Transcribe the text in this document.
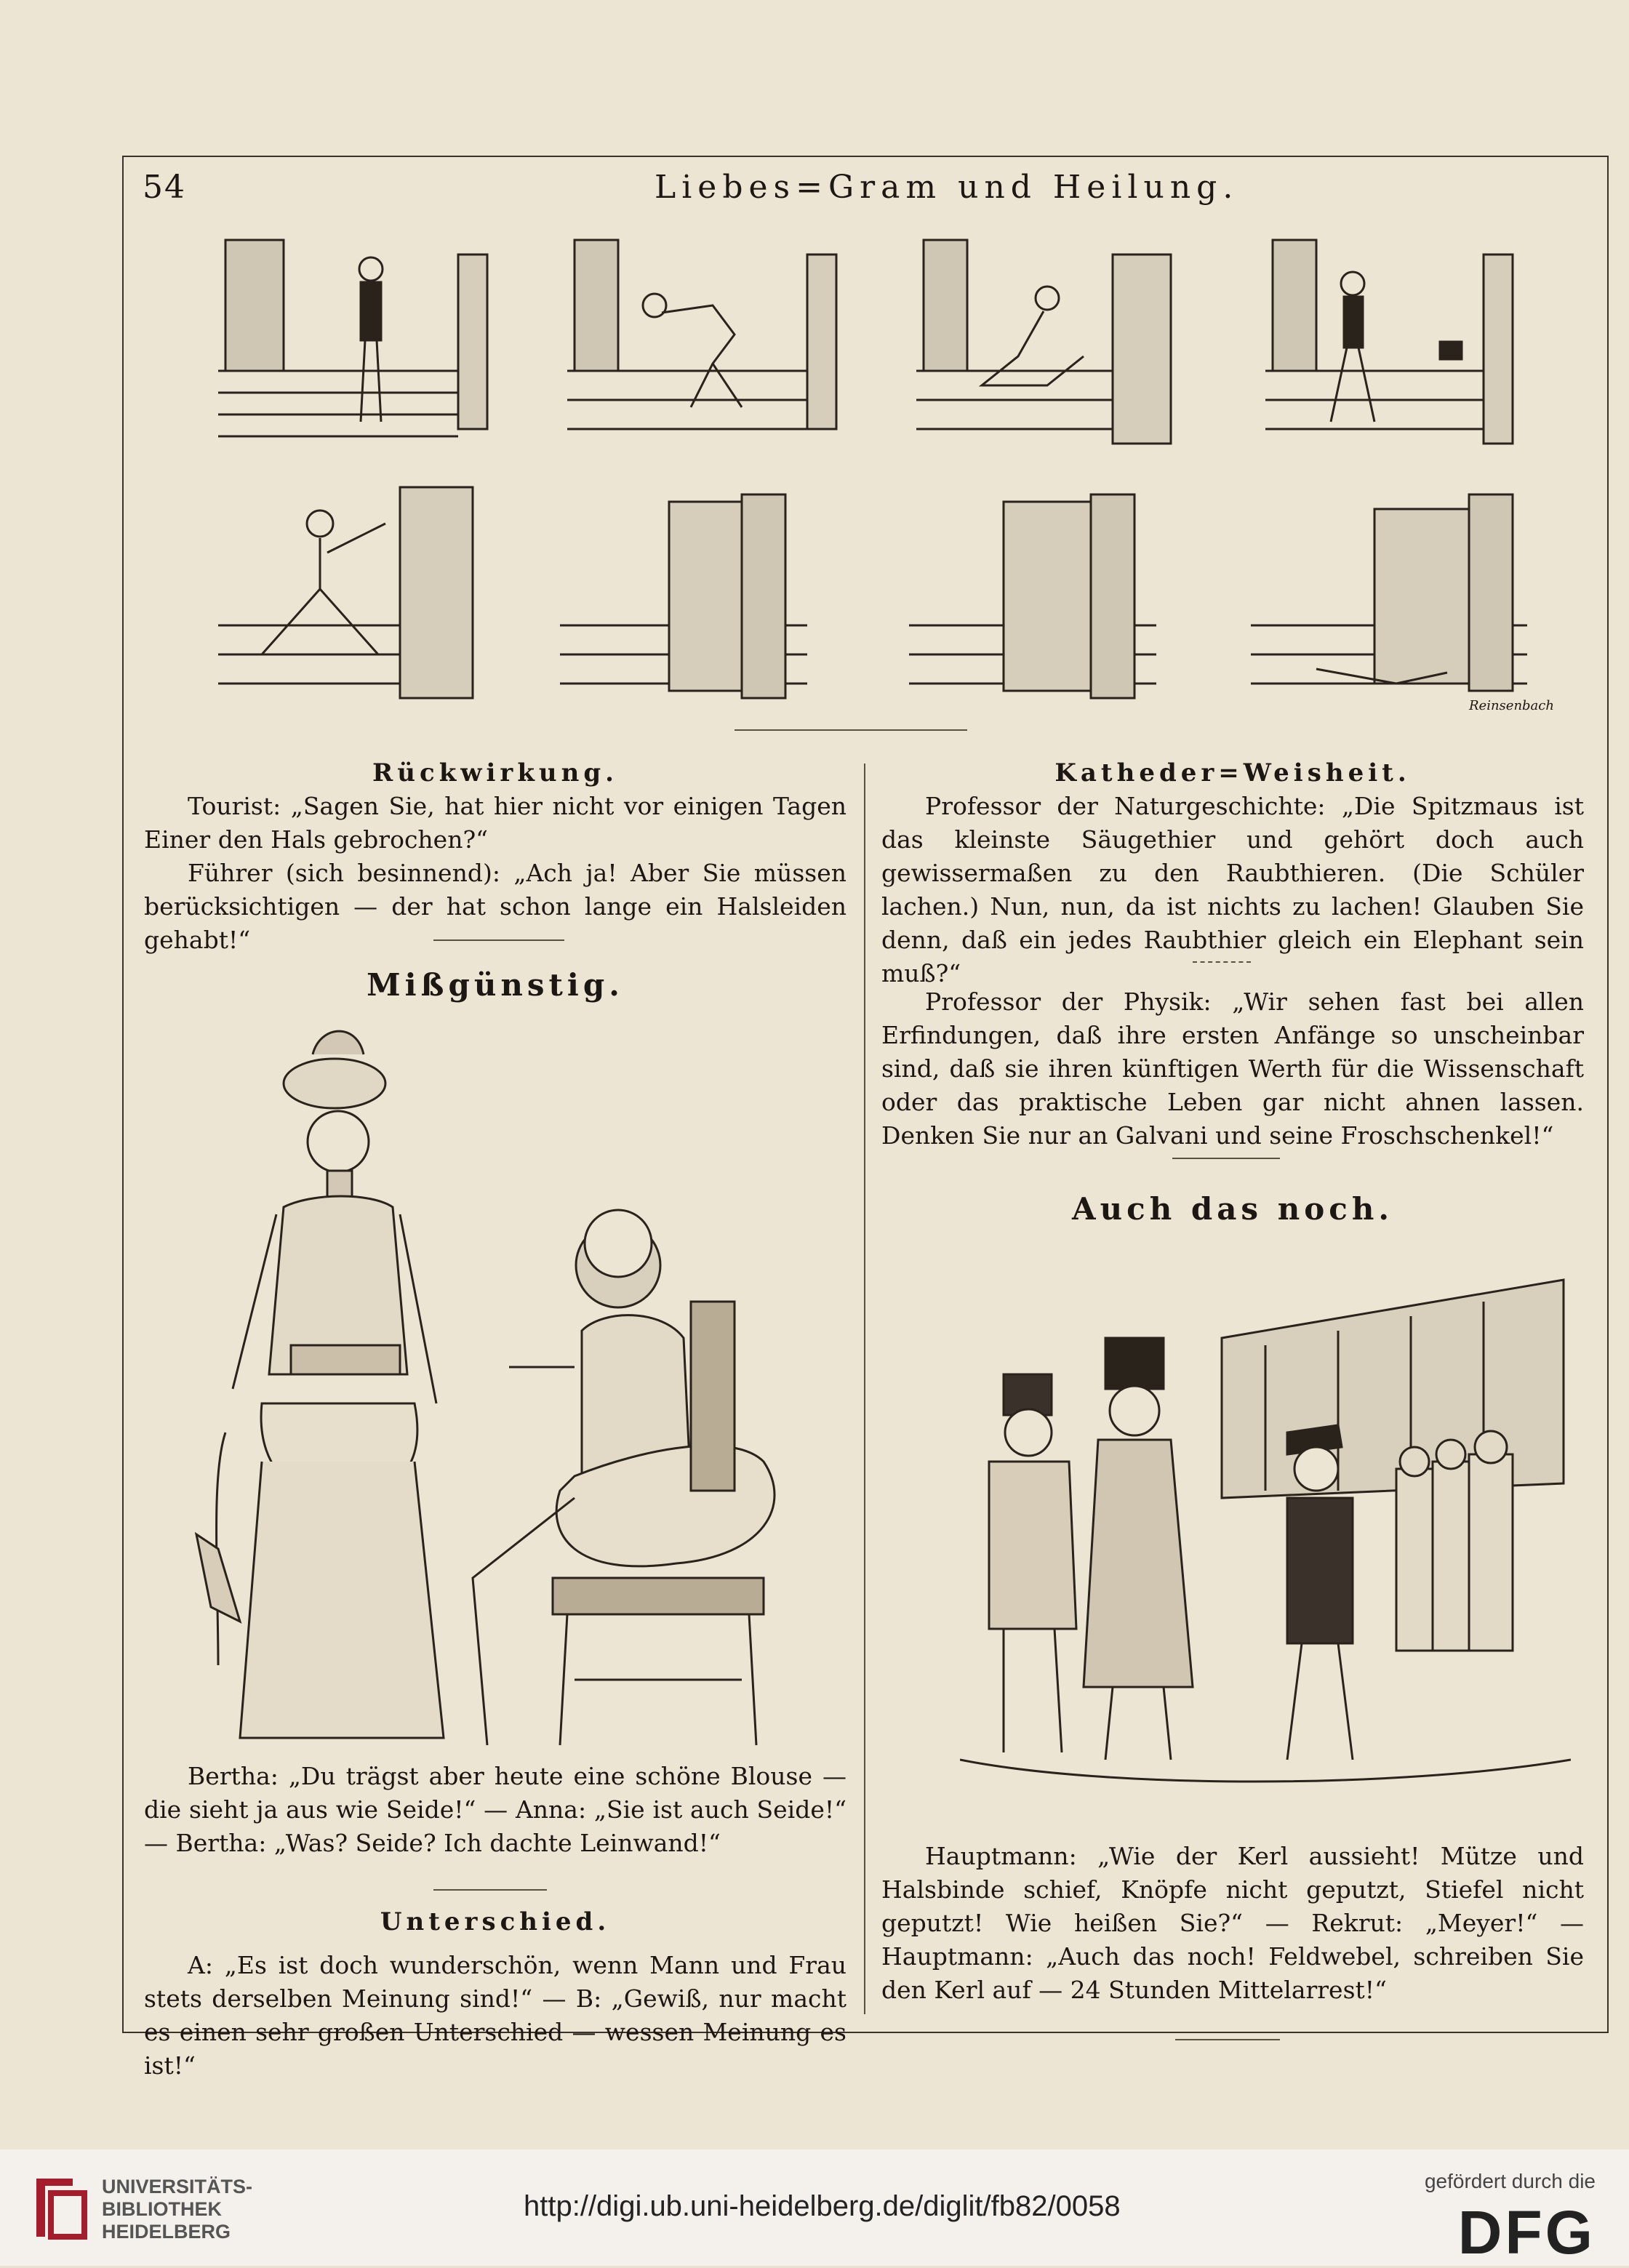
54	Liebes=Gram und Heilung.
Reinsenbach

Rückwirkung.

Tourist: „Sagen Sie, hat hier nicht vor einigen Tagen Einer den Hals gebrochen?“

Führer (sich besinnend): „Ach ja! Aber Sie müssen berücksichtigen — der hat schon lange ein Halsleiden gehabt!“

Mißgünstig.

Bertha: „Du trägst aber heute eine schöne Blouse — die sieht ja aus wie Seide!“ — Anna: „Sie ist auch Seide!“ — Bertha: „Was? Seide? Ich dachte Leinwand!“

Unterschied.

A: „Es ist doch wunderschön, wenn Mann und Frau stets derselben Meinung sind!“ — B: „Gewiß, nur macht es einen sehr großen Unterschied — wessen Meinung es ist!“

Katheder=Weisheit.

Professor der Naturgeschichte: „Die Spitzmaus ist das kleinste Säugethier und gehört doch auch gewissermaßen zu den Raubthieren. (Die Schüler lachen.) Nun, nun, da ist nichts zu lachen! Glauben Sie denn, daß ein jedes Raubthier gleich ein Elephant sein muß?“

Professor der Physik: „Wir sehen fast bei allen Erfindungen, daß ihre ersten Anfänge so unscheinbar sind, daß sie ihren künftigen Werth für die Wissenschaft oder das praktische Leben gar nicht ahnen lassen. Denken Sie nur an Galvani und seine Froschschenkel!“

Auch das noch.

Hauptmann: „Wie der Kerl aussieht! Mütze und Halsbinde schief, Knöpfe nicht geputzt, Stiefel nicht geputzt! Wie heißen Sie?“ — Rekrut: „Meyer!“ — Hauptmann: „Auch das noch! Feldwebel, schreiben Sie den Kerl auf — 24 Stunden Mittelarrest!“

UNIVERSITÄTS-
BIBLIOTHEK
HEIDELBERG
http://digi.ub.uni-heidelberg.de/diglit/fb82/0058
gefördert durch die
DFG
